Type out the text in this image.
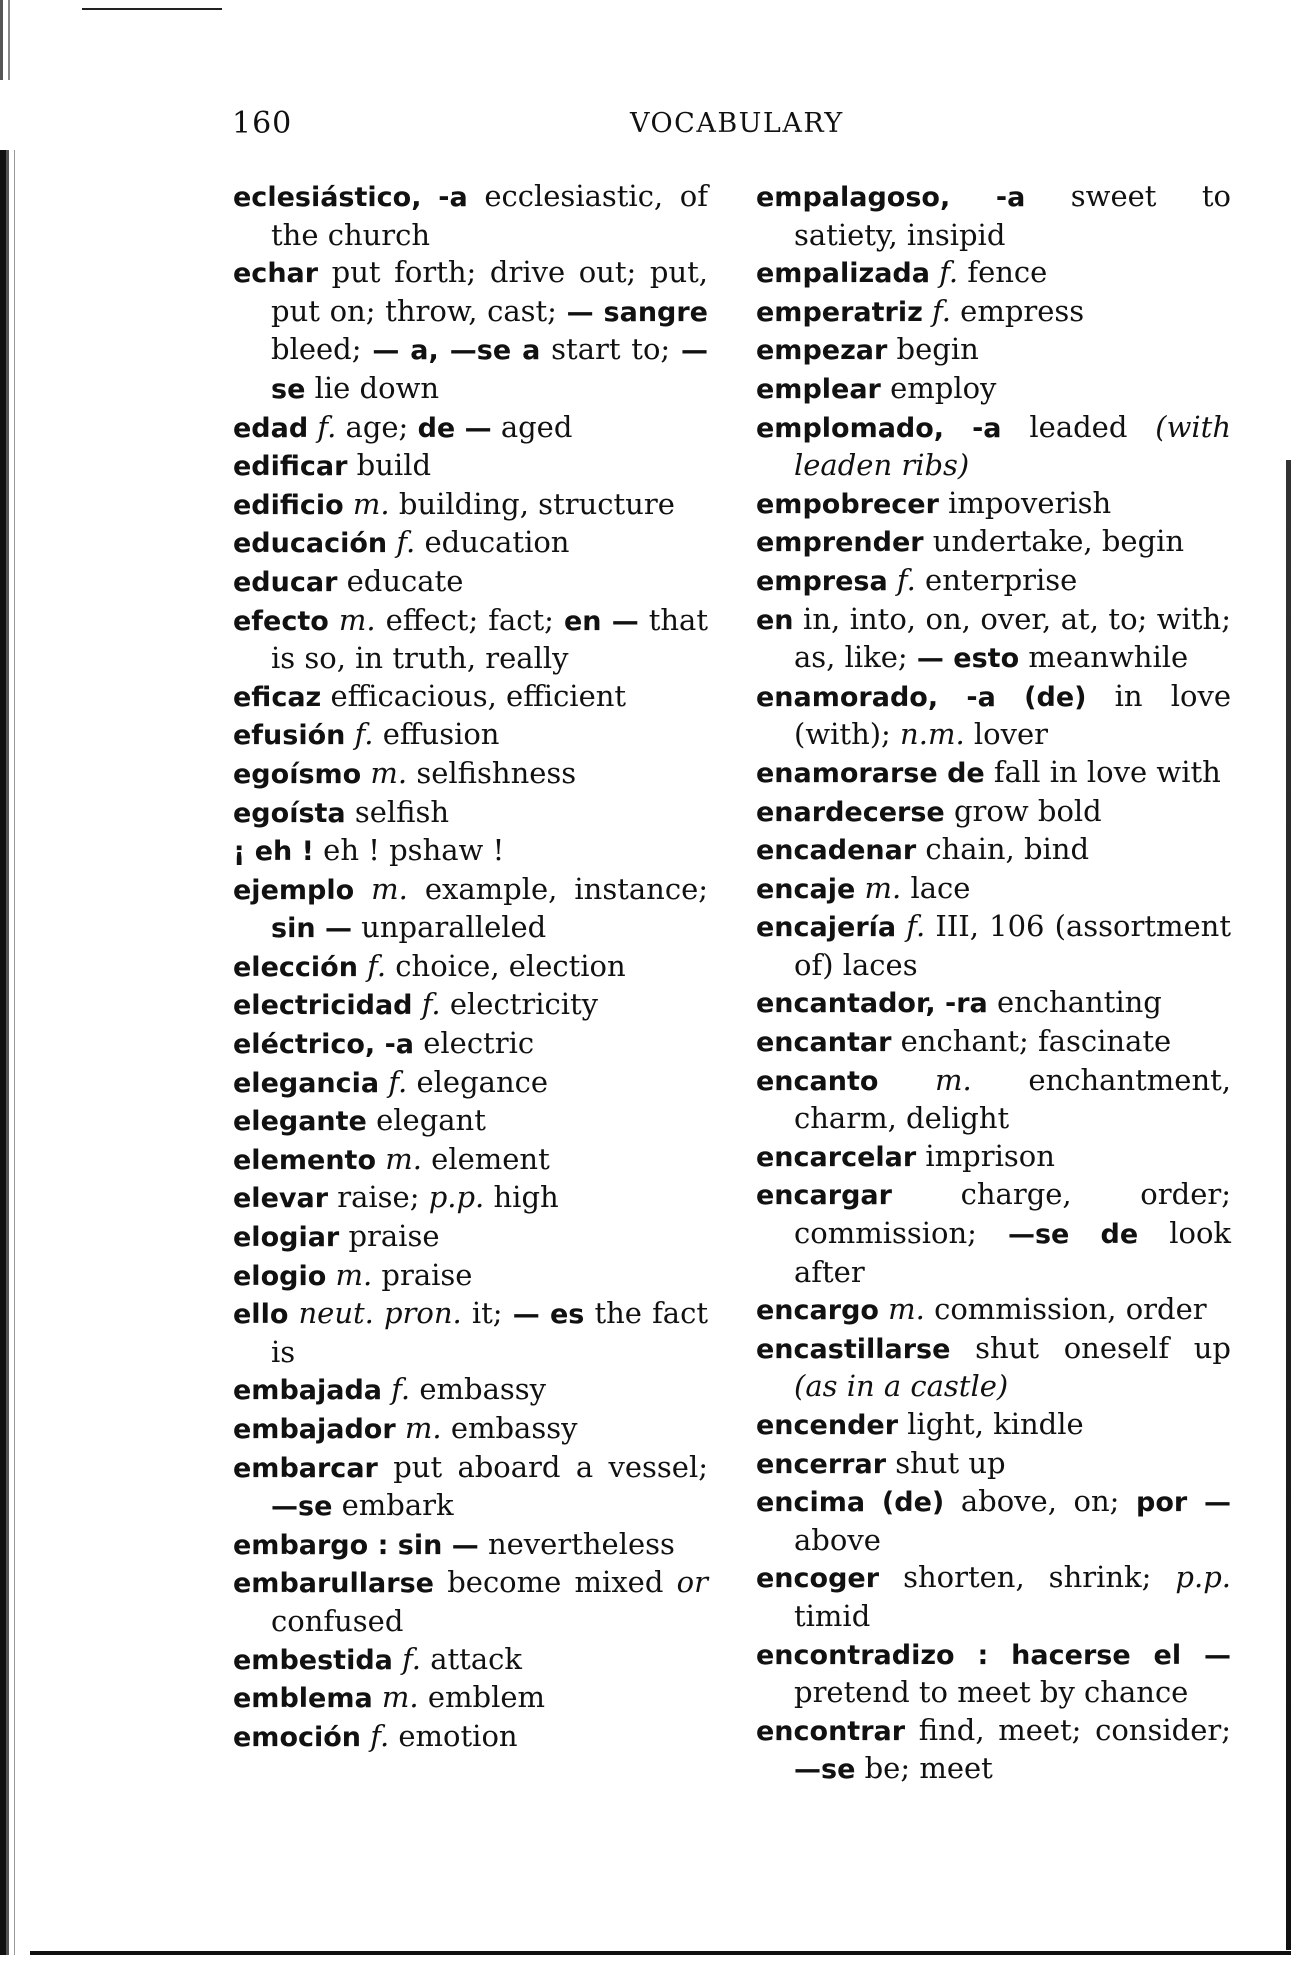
160	VOCABULARY
eclesiástico, -a ecclesiastic, of the church
echar put forth; drive out; put, put on; throw, cast; — sangre bleed; — a, —se a start to; —se lie down
edad f. age; de — aged
edificar build
edificio m. building, structure
educación f. education
educar educate
efecto m. effect; fact; en — that is so, in truth, really
eficaz efficacious, efficient
efusión f. effusion
egoísmo m. selfishness
egoísta selfish
¡ eh ! eh ! pshaw !
ejemplo m. example, instance; sin — unparalleled
elección f. choice, election
electricidad f. electricity
eléctrico, -a electric
elegancia f. elegance
elegante elegant
elemento m. element
elevar raise; p.p. high
elogiar praise
elogio m. praise
ello neut. pron. it; — es the fact is
embajada f. embassy
embajador m. embassy
embarcar put aboard a vessel; —se embark
embargo : sin — nevertheless
embarullarse become mixed or confused
embestida f. attack
emblema m. emblem
emoción f. emotion
empalagoso, -a sweet to satiety, insipid
empalizada f. fence
emperatriz f. empress
empezar begin
emplear employ
emplomado, -a leaded (with leaden ribs)
empobrecer impoverish
emprender undertake, begin
empresa f. enterprise
en in, into, on, over, at, to; with; as, like; — esto meanwhile
enamorado, -a (de) in love (with); n.m. lover
enamorarse de fall in love with
enardecerse grow bold
encadenar chain, bind
encaje m. lace
encajería f. III, 106 (assortment of) laces
encantador, -ra enchanting
encantar enchant; fascinate
encanto m. enchantment, charm, delight
encarcelar imprison
encargar charge, order; commission; —se de look after
encargo m. commission, order
encastillarse shut oneself up (as in a castle)
encender light, kindle
encerrar shut up
encima (de) above, on; por — above
encoger shorten, shrink; p.p. timid
encontradizo : hacerse el — pretend to meet by chance
encontrar find, meet; consider; —se be; meet
